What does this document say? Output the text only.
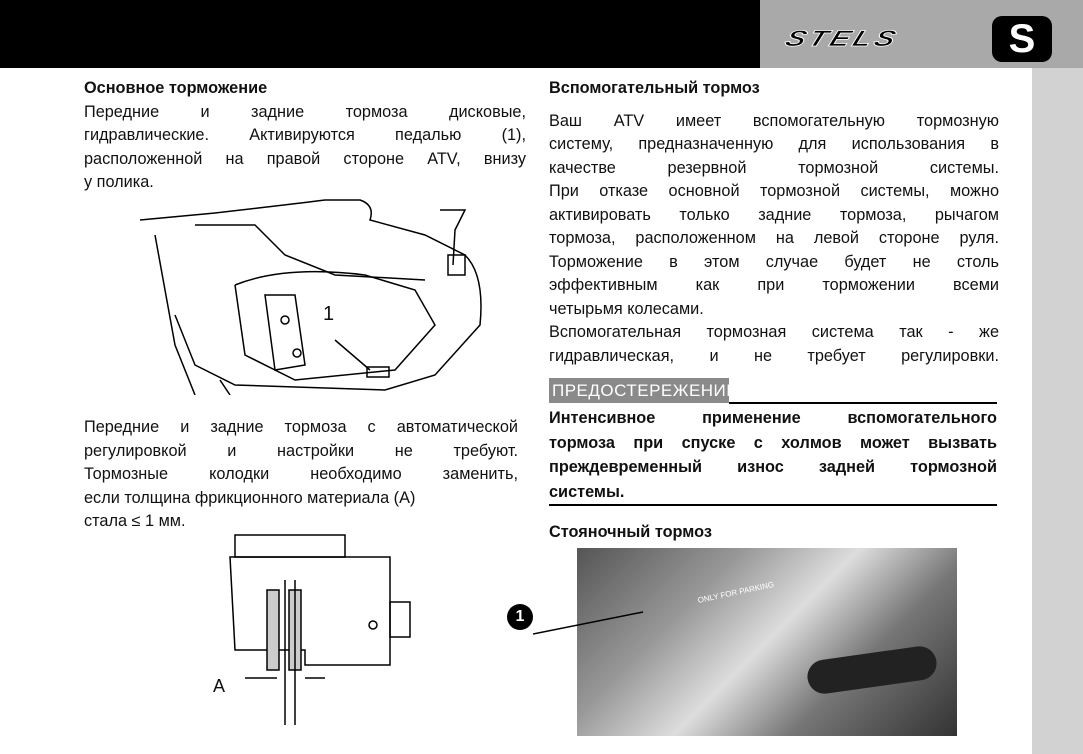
STELS	S
Основное торможение
Передние и задние тормоза дисковые,
гидравлические. Активируются педалью (1),
расположенной на правой стороне ATV, внизу
у полика.
1
Передние и задние тормоза с автоматической
регулировкой и настройки не требуют.
Тормозные колодки необходимо заменить,
если толщина фрикционного материала (А)
стала ≤ 1 мм.
A
Вспомогательный тормоз
Ваш ATV имеет вспомогательную тормозную
систему, предназначенную для использования в
качестве резервной тормозной системы.
При отказе основной тормозной системы, можно
активировать только задние тормоза, рычагом
тормоза, расположенном на левой стороне руля.
Торможение в этом случае будет не столь
эффективным как при торможении всеми
четырьмя колесами.
Вспомогательная тормозная система так - же
гидравлическая, и не требует регулировки.
ПРЕДОСТЕРЕЖЕНИЕ:
Интенсивное применение вспомогательного
тормоза при спуске с холмов может вызвать
преждевременный износ задней тормозной
системы.
Стояночный тормоз
ONLY FOR PARKING
1
